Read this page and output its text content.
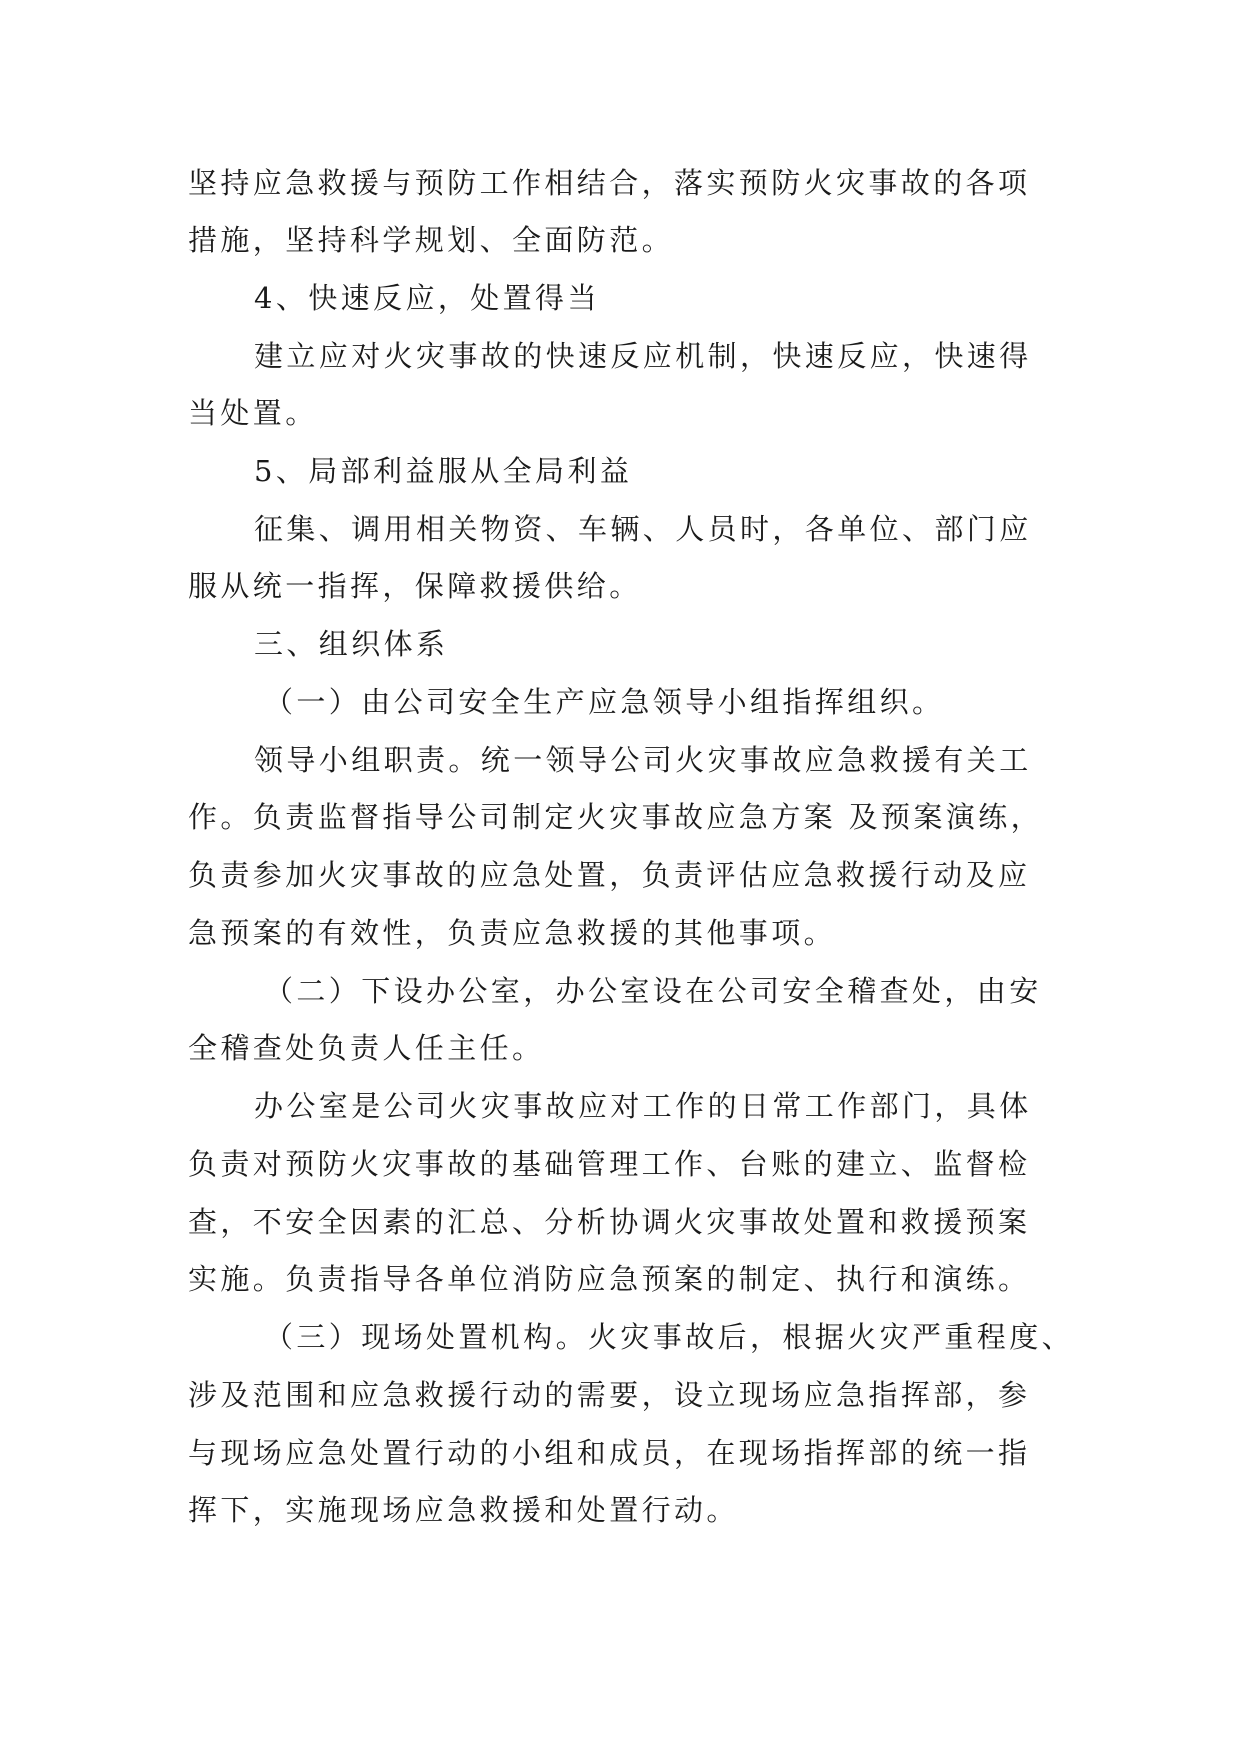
坚持应急救援与预防工作相结合，落实预防火灾事故的各项
措施，坚持科学规划、全面防范。
4、快速反应，处置得当
建立应对火灾事故的快速反应机制，快速反应，快速得
当处置。
5、局部利益服从全局利益
征集、调用相关物资、车辆、人员时，各单位、部门应
服从统一指挥，保障救援供给。
三、组织体系
（一）由公司安全生产应急领导小组指挥组织。
领导小组职责。统一领导公司火灾事故应急救援有关工
作。负责监督指导公司制定火灾事故应急方案 及预案演练，
负责参加火灾事故的应急处置，负责评估应急救援行动及应
急预案的有效性，负责应急救援的其他事项。
（二）下设办公室，办公室设在公司安全稽查处，由安
全稽查处负责人任主任。
办公室是公司火灾事故应对工作的日常工作部门，具体
负责对预防火灾事故的基础管理工作、台账的建立、监督检
查，不安全因素的汇总、分析协调火灾事故处置和救援预案
实施。负责指导各单位消防应急预案的制定、执行和演练。
（三）现场处置机构。火灾事故后，根据火灾严重程度、
涉及范围和应急救援行动的需要，设立现场应急指挥部，参
与现场应急处置行动的小组和成员，在现场指挥部的统一指
挥下，实施现场应急救援和处置行动。
